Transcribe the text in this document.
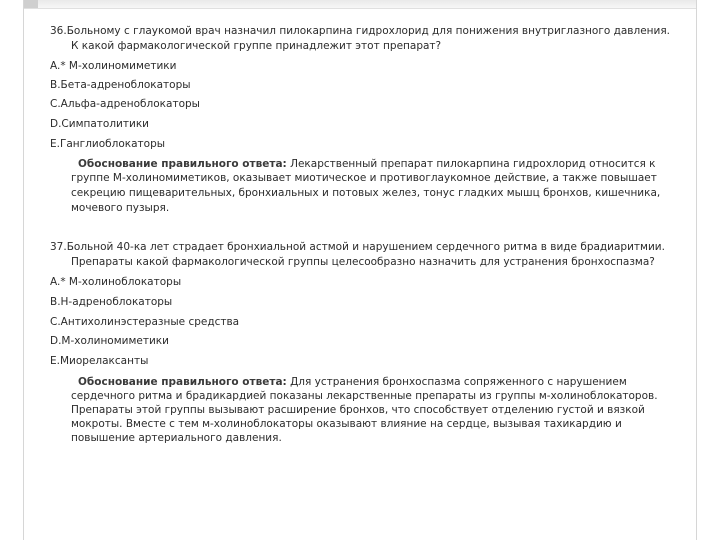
36.Больному с глаукомой врач назначил пилокарпина гидрохлорид для понижения внутриглазного давления.
К какой фармакологической группе принадлежит этот препарат?
A.* М-холиномиметики
B.Бета-адреноблокаторы
C.Альфа-адреноблокаторы
D.Симпатолитики
E.Ганглиоблокаторы
Обоснование правильного ответа: Лекарственный препарат пилокарпина гидрохлорид относится к
группе М-холиномиметиков, оказывает миотическое и противоглаукомное действие, а также повышает
секрецию пищеварительных, бронхиальных и потовых желез, тонус гладких мышц бронхов, кишечника,
мочевого пузыря.
37.Больной 40-ка лет страдает бронхиальной астмой и нарушением сердечного ритма в виде брадиаритмии.
Препараты какой фармакологической группы целесообразно назначить для устранения бронхоспазма?
A.* М-холиноблокаторы
B.Н-адреноблокаторы
C.Антихолинэстеразные средства
D.М-холиномиметики
E.Миорелаксанты
Обоснование правильного ответа: Для устранения бронхоспазма сопряженного с нарушением
сердечного ритма и брадикардией показаны лекарственные препараты из группы м-холиноблокаторов.
Препараты этой группы вызывают расширение бронхов, что способствует отделению густой и вязкой
мокроты. Вместе с тем м-холиноблокаторы оказывают влияние на сердце, вызывая тахикардию и
повышение артериального давления.
